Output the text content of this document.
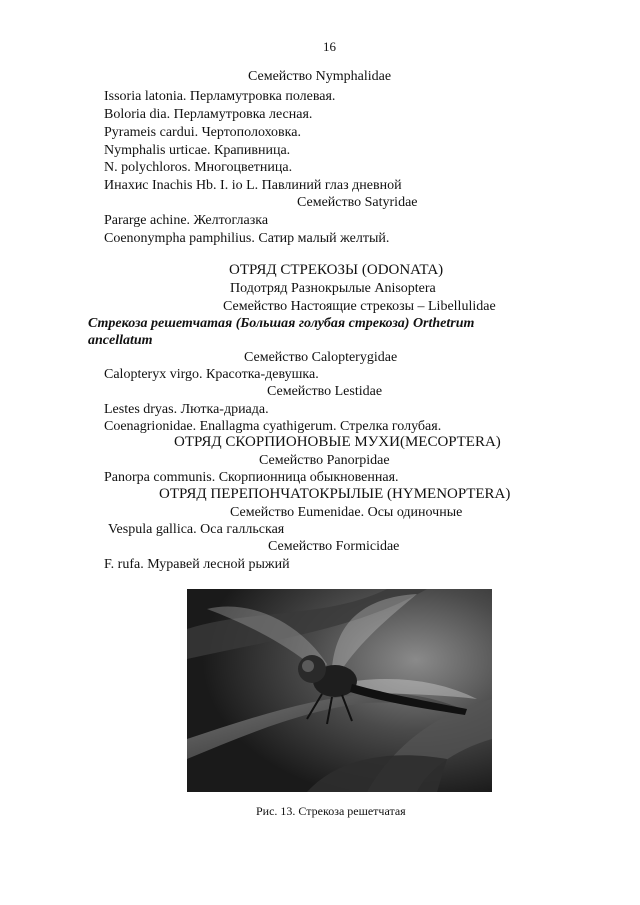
16
Семейство Nymphalidae
Issoria latonia. Перламутровка полевая.
Boloria dia. Перламутровка лесная.
Pyrameis cardui. Чертополоховка.
Nymphalis urticae. Крапивница.
N. polychloros. Многоцветница.
Инахис Inachis Hb. I. io L. Павлиний глаз дневной
Семейство Satyridae
Pararge achine. Желтоглазка
Coenonympha pamphilius. Сатир малый желтый.
ОТРЯД СТРЕКОЗЫ (ODONATA)
Подотряд Разнокрылые Anisoptera
Семейство Настоящие стрекозы – Libellulidae
Стрекоза решетчатая (Большая голубая стрекоза) Orthetrum
ancellatum
Семейство Calopterygidae
Calopteryx virgo. Красотка-девушка.
Семейство Lestidae
Lestes dryas. Лютка-дриада.
Coenagrionidae. Enallagma cyathigerum. Стрелка голубая.
ОТРЯД СКОРПИОНОВЫЕ МУХИ(MECOPTERA)
Семейство Panorpidae
Panorpa communis. Скорпионница обыкновенная.
ОТРЯД ПЕРЕПОНЧАТОКРЫЛЫЕ (HYMENOPTERA)
Семейство Eumenidae. Осы одиночные
Vespula gallica. Оса галльская
Семейство Formicidae
F. rufa. Муравей лесной рыжий
Рис. 13. Стрекоза решетчатая
